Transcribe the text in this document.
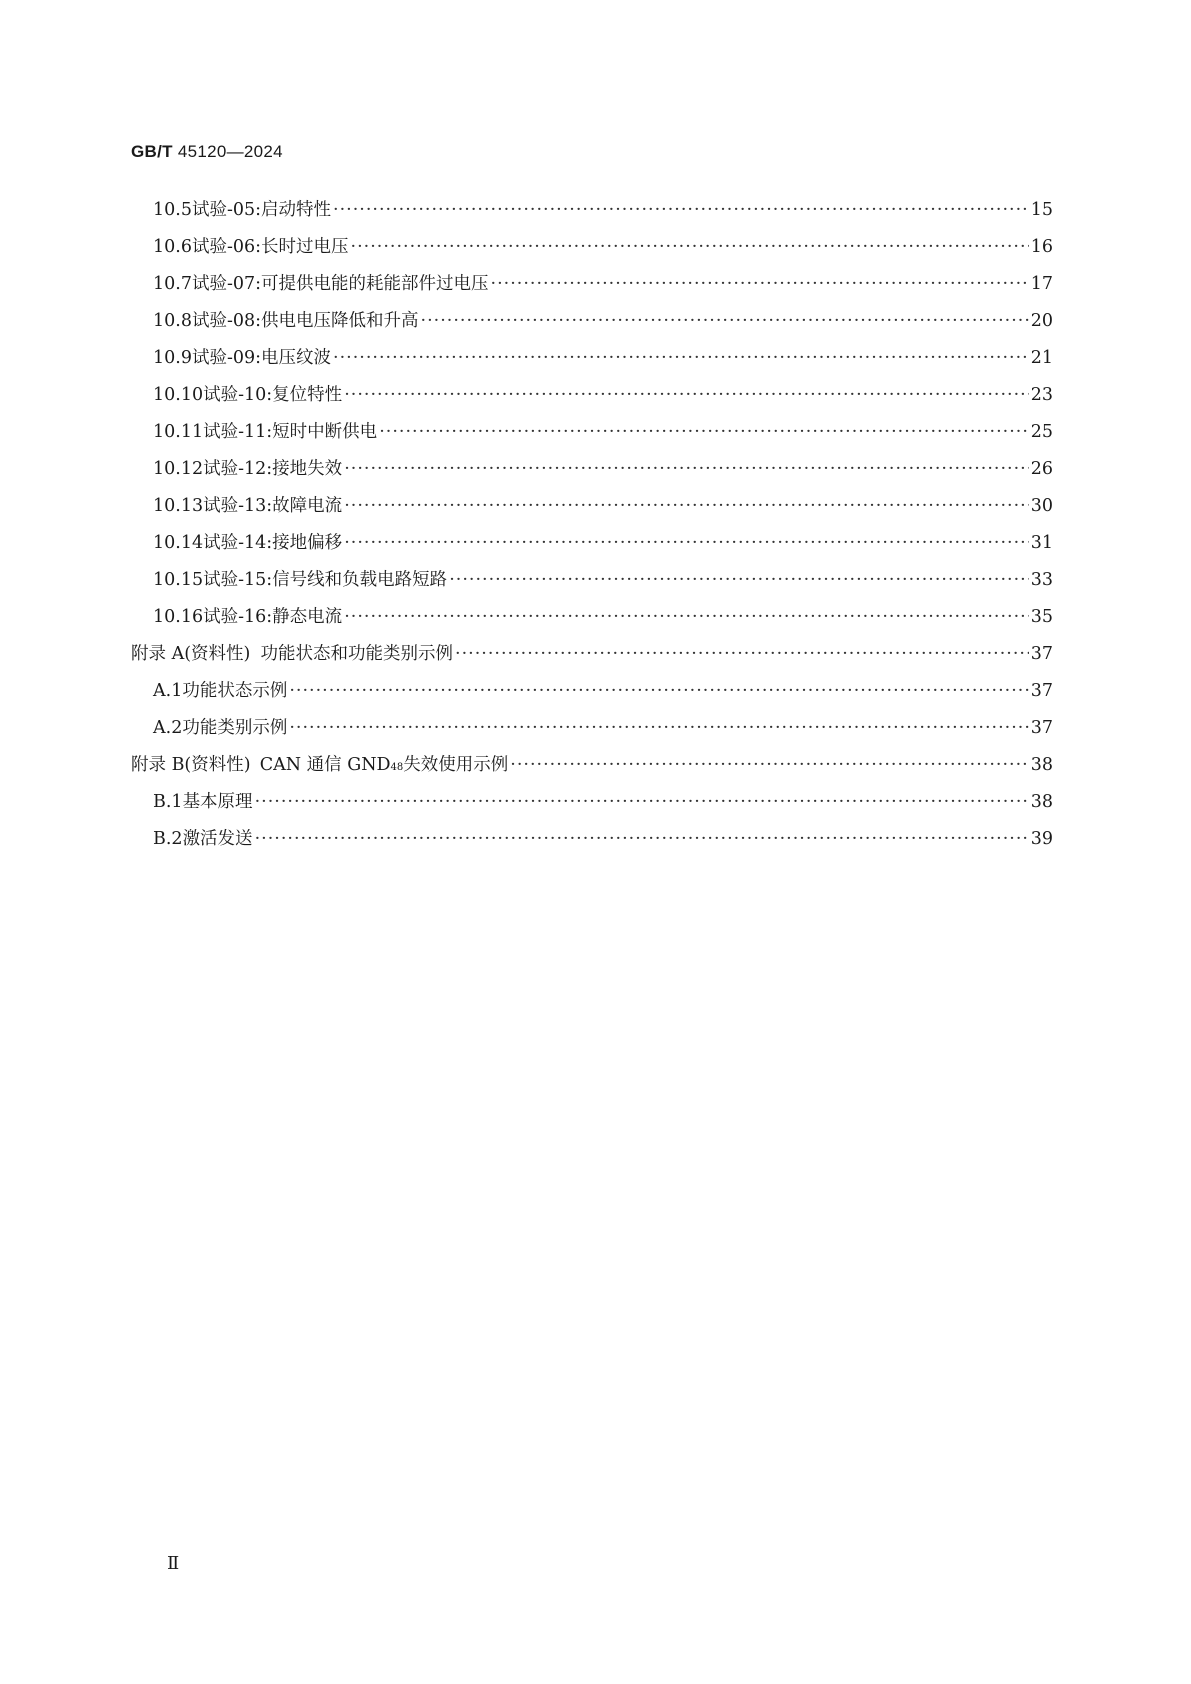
GB/T 45120—2024
10.5 试验-05:启动特性 ·····	15
10.6 试验-06:长时过电压 ·····	16
10.7 试验-07:可提供电能的耗能部件过电压 ·····	17
10.8 试验-08:供电电压降低和升高 ·····	20
10.9 试验-09:电压纹波 ·····	21
10.10 试验-10:复位特性 ·····	23
10.11 试验-11:短时中断供电 ·····	25
10.12 试验-12:接地失效 ·····	26
10.13 试验-13:故障电流 ·····	30
10.14 试验-14:接地偏移 ·····	31
10.15 试验-15:信号线和负载电路短路 ·····	33
10.16 试验-16:静态电流 ·····	35
附录 A(资料性) 功能状态和功能类别示例 ·····	37
A.1 功能状态示例 ·····	37
A.2 功能类别示例 ·····	37
附录 B(资料性) CAN 通信 GND 48 失效使用示例 ·····	38
B.1 基本原理 ·····	38
B.2 激活发送 ·····	39
Ⅱ
